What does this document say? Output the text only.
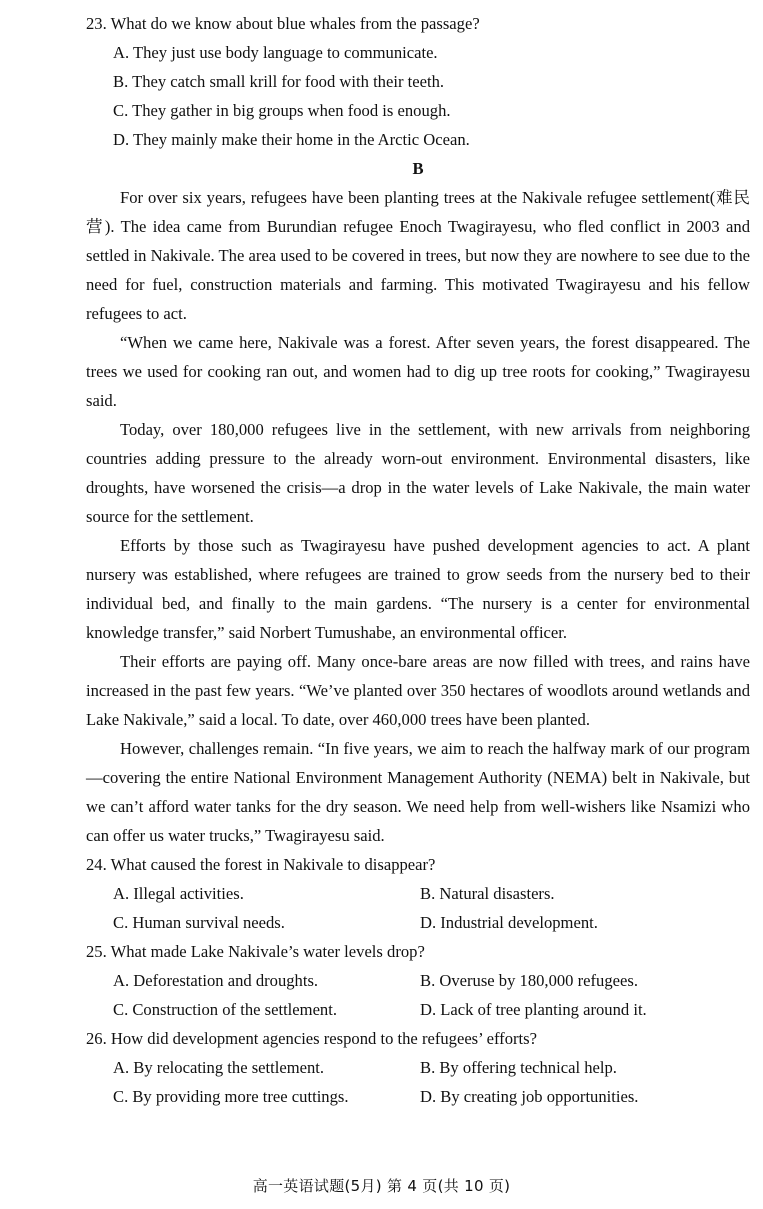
23. What do we know about blue whales from the passage?
A. They just use body language to communicate.
B. They catch small krill for food with their teeth.
C. They gather in big groups when food is enough.
D. They mainly make their home in the Arctic Ocean.
B

For over six years, refugees have been planting trees at the Nakivale refugee settlement(难民营). The idea came from Burundian refugee Enoch Twagirayesu, who fled conflict in 2003 and settled in Nakivale. The area used to be covered in trees, but now they are nowhere to see due to the need for fuel, construction materials and farming. This motivated Twagirayesu and his fellow refugees to act.

“When we came here, Nakivale was a forest. After seven years, the forest disappeared. The trees we used for cooking ran out, and women had to dig up tree roots for cooking,” Twagirayesu said.

Today, over 180,000 refugees live in the settlement, with new arrivals from neighboring countries adding pressure to the already worn-out environment. Environmental disasters, like droughts, have worsened the crisis—a drop in the water levels of Lake Nakivale, the main water source for the settlement.

Efforts by those such as Twagirayesu have pushed development agencies to act. A plant nursery was established, where refugees are trained to grow seeds from the nursery bed to their individual bed, and finally to the main gardens. “The nursery is a center for environmental knowledge transfer,” said Norbert Tumushabe, an environmental officer.

Their efforts are paying off. Many once-bare areas are now filled with trees, and rains have increased in the past few years. “We’ve planted over 350 hectares of woodlots around wetlands and Lake Nakivale,” said a local. To date, over 460,000 trees have been planted.

However, challenges remain. “In five years, we aim to reach the halfway mark of our program—covering the entire National Environment Management Authority (NEMA) belt in Nakivale, but we can’t afford water tanks for the dry season. We need help from well-wishers like Nsamizi who can offer us water trucks,” Twagirayesu said.

24. What caused the forest in Nakivale to disappear?
A. Illegal activities.	B. Natural disasters.
C. Human survival needs.	D. Industrial development.
25. What made Lake Nakivale’s water levels drop?
A. Deforestation and droughts.	B. Overuse by 180,000 refugees.
C. Construction of the settlement.	D. Lack of tree planting around it.
26. How did development agencies respond to the refugees’ efforts?
A. By relocating the settlement.	B. By offering technical help.
C. By providing more tree cuttings.	D. By creating job opportunities.
高一英语试题(5月) 第 4 页(共 10 页)
